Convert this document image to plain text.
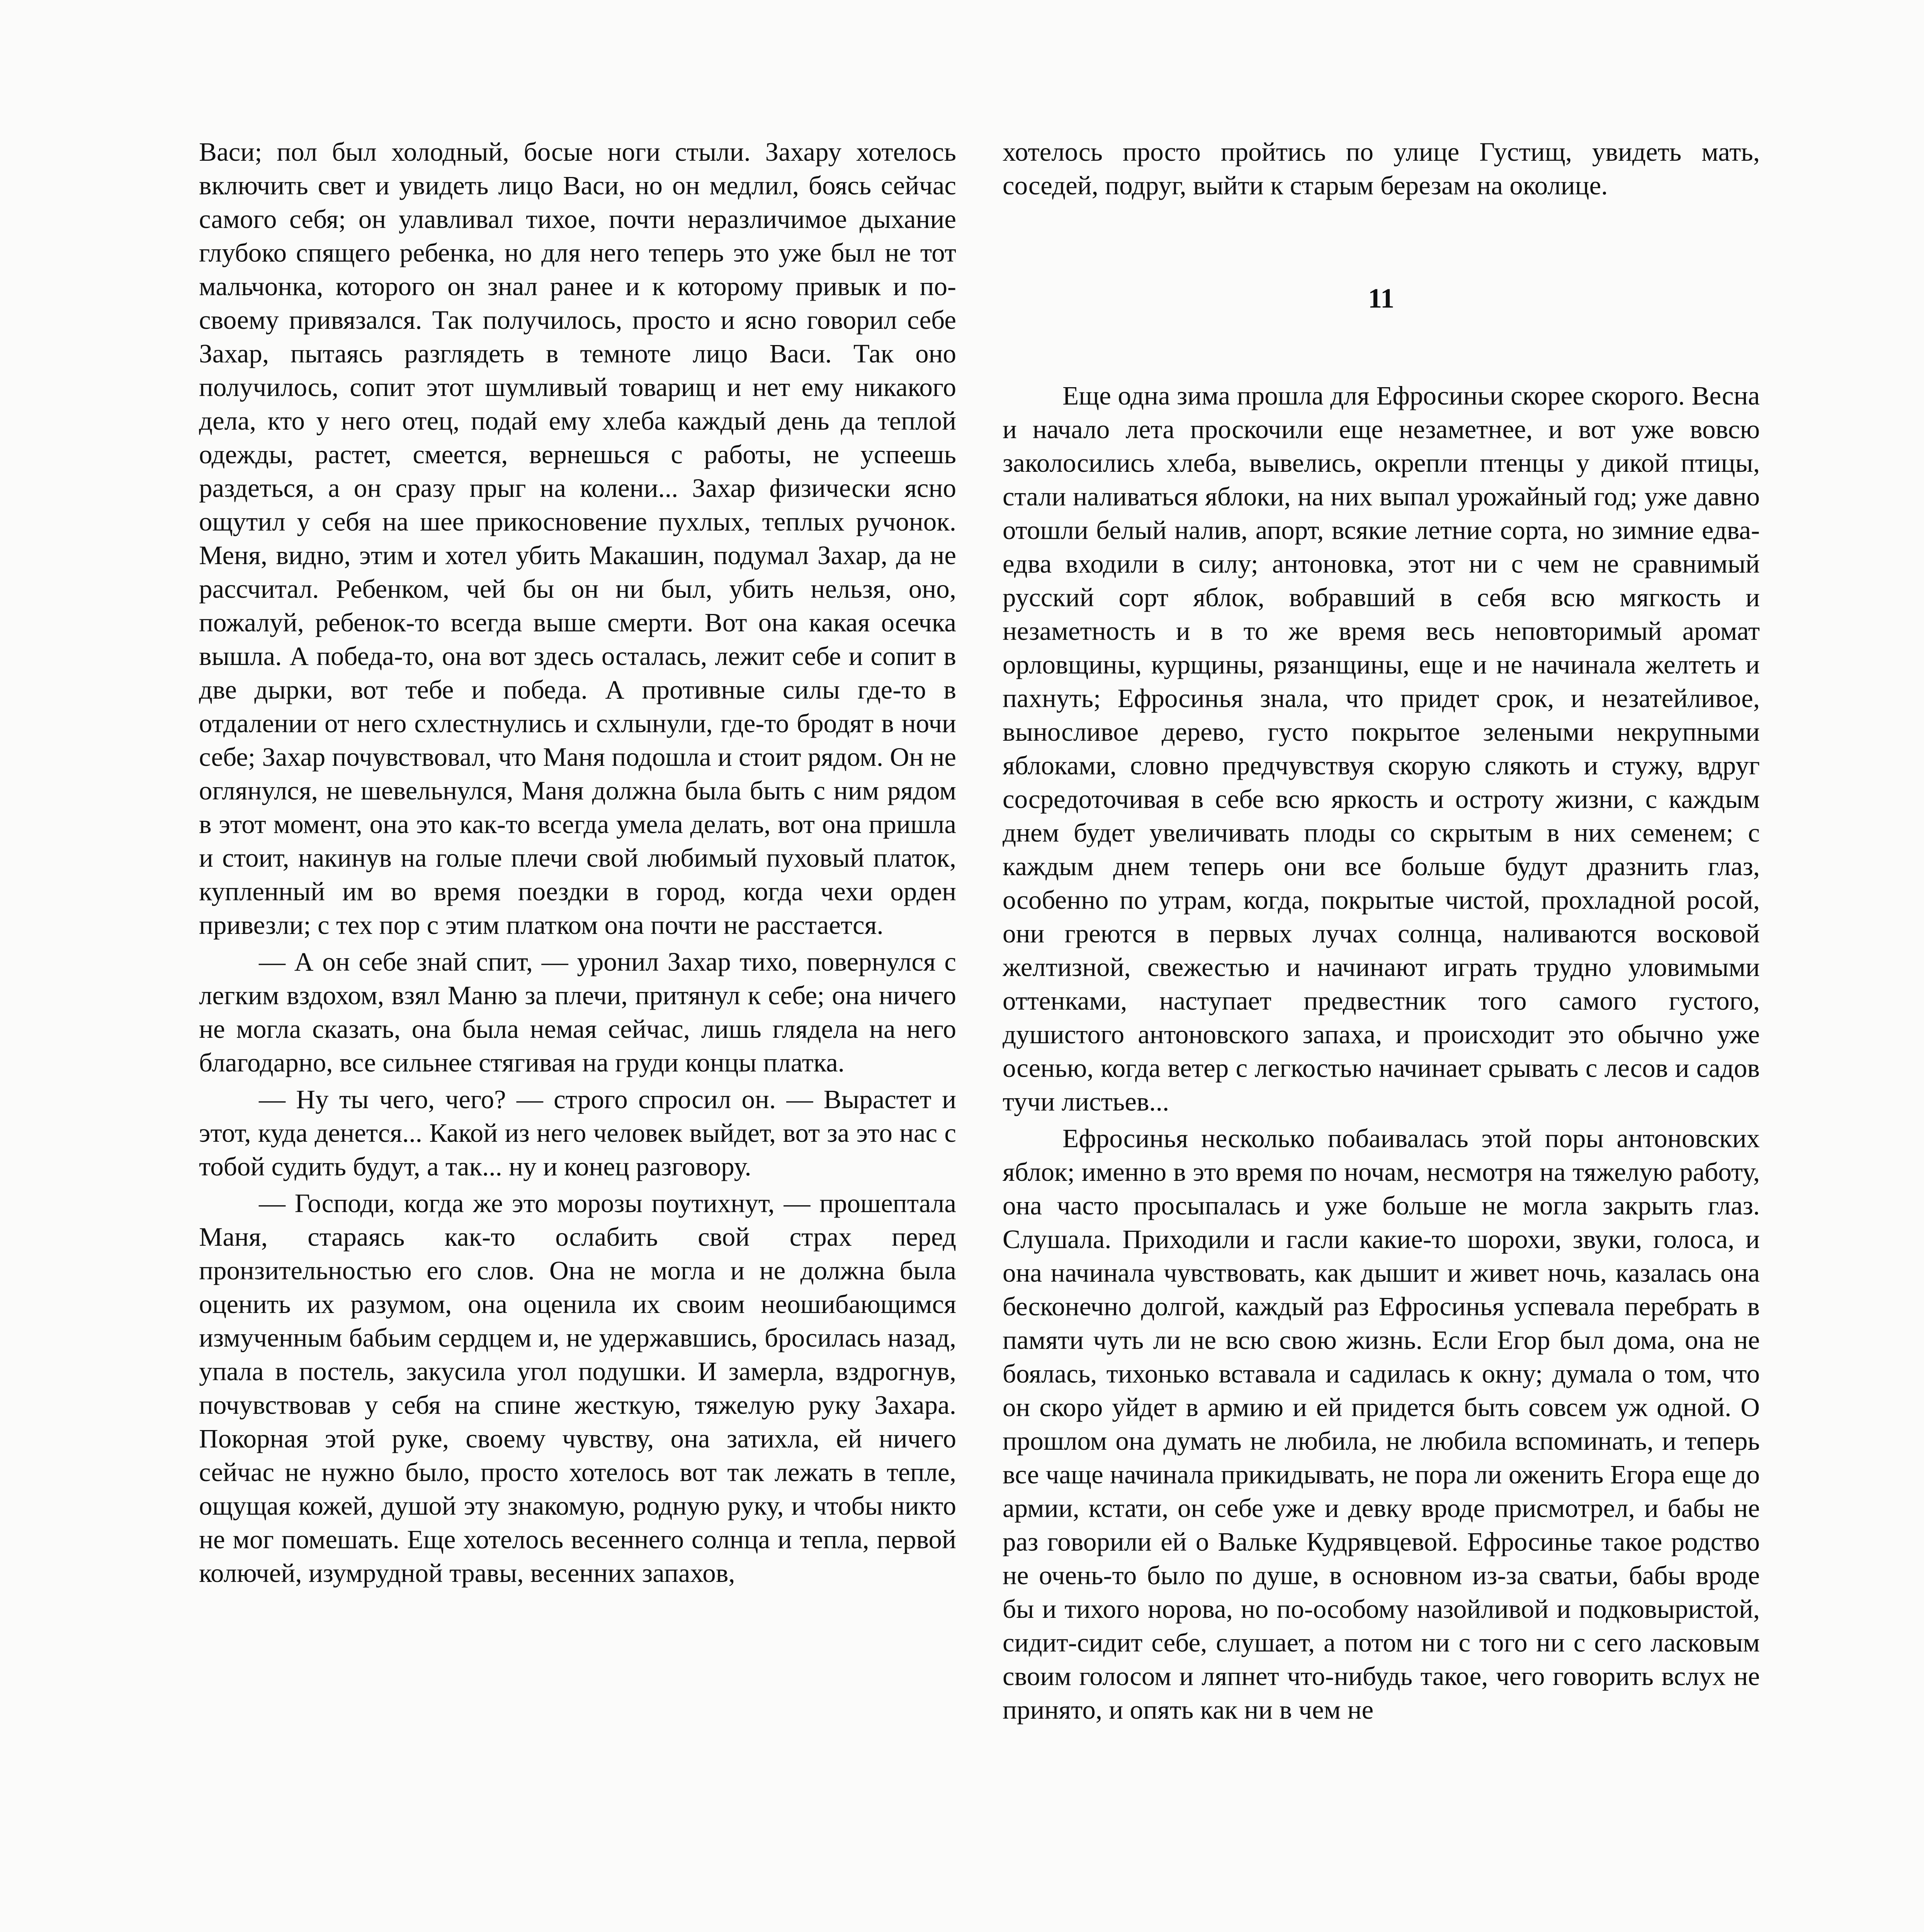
Васи; пол был холодный, босые ноги стыли. Захару хотелось включить свет и увидеть лицо Васи, но он медлил, боясь сейчас самого себя; он улавливал тихое, почти неразличимое дыхание глубоко спящего ребенка, но для него теперь это уже был не тот мальчонка, которого он знал ранее и к которому привык и по-своему привязался. Так получилось, просто и ясно говорил себе Захар, пытаясь разглядеть в темноте лицо Васи. Так оно получилось, сопит этот шумливый товарищ и нет ему никакого дела, кто у него отец, подай ему хлеба каждый день да теплой одежды, растет, смеется, вернешься с работы, не успеешь раздеться, а он сразу прыг на колени... Захар физически ясно ощутил у себя на шее прикосновение пухлых, теплых ручонок. Меня, видно, этим и хотел убить Макашин, подумал Захар, да не рассчитал. Ребенком, чей бы он ни был, убить нельзя, оно, пожалуй, ребенок-то всегда выше смерти. Вот она какая осечка вышла. А победа-то, она вот здесь осталась, лежит себе и сопит в две дырки, вот тебе и победа. А противные силы где-то в отдалении от него схлестнулись и схлынули, где-то бродят в ночи себе; Захар почувствовал, что Маня подошла и стоит рядом. Он не оглянулся, не шевельнулся, Маня должна была быть с ним рядом в этот момент, она это как-то всегда умела делать, вот она пришла и стоит, накинув на голые плечи свой любимый пуховый платок, купленный им во время поездки в город, когда чехи орден привезли; с тех пор с этим платком она почти не расстается.

— А он себе знай спит, — уронил Захар тихо, повернулся с легким вздохом, взял Маню за плечи, притянул к себе; она ничего не могла сказать, она была немая сейчас, лишь глядела на него благодарно, все сильнее стягивая на груди концы платка.

— Ну ты чего, чего? — строго спросил он. — Вырастет и этот, куда денется... Какой из него человек выйдет, вот за это нас с тобой судить будут, а так... ну и конец разговору.

— Господи, когда же это морозы поутихнут, — прошептала Маня, стараясь как-то ослабить свой страх перед пронзительностью его слов. Она не могла и не должна была оценить их разумом, она оценила их своим неошибающимся измученным бабьим сердцем и, не удержавшись, бросилась назад, упала в постель, закусила угол подушки. И замерла, вздрогнув, почувствовав у себя на спине жесткую, тяжелую руку Захара. Покорная этой руке, своему чувству, она затихла, ей ничего сейчас не нужно было, просто хотелось вот так лежать в тепле, ощущая кожей, душой эту знакомую, родную руку, и чтобы никто не мог помешать. Еще хотелось весеннего солнца и тепла, первой колючей, изумрудной травы, весенних запахов,

хотелось просто пройтись по улице Густищ, увидеть мать, соседей, подруг, выйти к старым березам на околице.

11

Еще одна зима прошла для Ефросиньи скорее скорого. Весна и начало лета проскочили еще незаметнее, и вот уже вовсю заколосились хлеба, вывелись, окрепли птенцы у дикой птицы, стали наливаться яблоки, на них выпал урожайный год; уже давно отошли белый налив, апорт, всякие летние сорта, но зимние едва-едва входили в силу; антоновка, этот ни с чем не сравнимый русский сорт яблок, вобравший в себя всю мягкость и незаметность и в то же время весь неповторимый аромат орловщины, курщины, рязанщины, еще и не начинала желтеть и пахнуть; Ефросинья знала, что придет срок, и незатейливое, выносливое дерево, густо покрытое зелеными некрупными яблоками, словно предчувствуя скорую слякоть и стужу, вдруг сосредоточивая в себе всю яркость и остроту жизни, с каждым днем будет увеличивать плоды со скрытым в них семенем; с каждым днем теперь они все больше будут дразнить глаз, особенно по утрам, когда, покрытые чистой, прохладной росой, они греются в первых лучах солнца, наливаются восковой желтизной, свежестью и начинают играть трудно уловимыми оттенками, наступает предвестник того самого густого, душистого антоновского запаха, и происходит это обычно уже осенью, когда ветер с легкостью начинает срывать с лесов и садов тучи листьев...

Ефросинья несколько побаивалась этой поры антоновских яблок; именно в это время по ночам, несмотря на тяжелую работу, она часто просыпалась и уже больше не могла закрыть глаз. Слушала. Приходили и гасли какие-то шорохи, звуки, голоса, и она начинала чувствовать, как дышит и живет ночь, казалась она бесконечно долгой, каждый раз Ефросинья успевала перебрать в памяти чуть ли не всю свою жизнь. Если Егор был дома, она не боялась, тихонько вставала и садилась к окну; думала о том, что он скоро уйдет в армию и ей придется быть совсем уж одной. О прошлом она думать не любила, не любила вспоминать, и теперь все чаще начинала прикидывать, не пора ли оженить Егора еще до армии, кстати, он себе уже и девку вроде присмотрел, и бабы не раз говорили ей о Вальке Кудрявцевой. Ефросинье такое родство не очень-то было по душе, в основном из-за сватьи, бабы вроде бы и тихого норова, но по-особому назойливой и подковыристой, сидит-сидит себе, слушает, а потом ни с того ни с сего ласковым своим голосом и ляпнет что-нибудь такое, чего говорить вслух не принято, и опять как ни в чем не
